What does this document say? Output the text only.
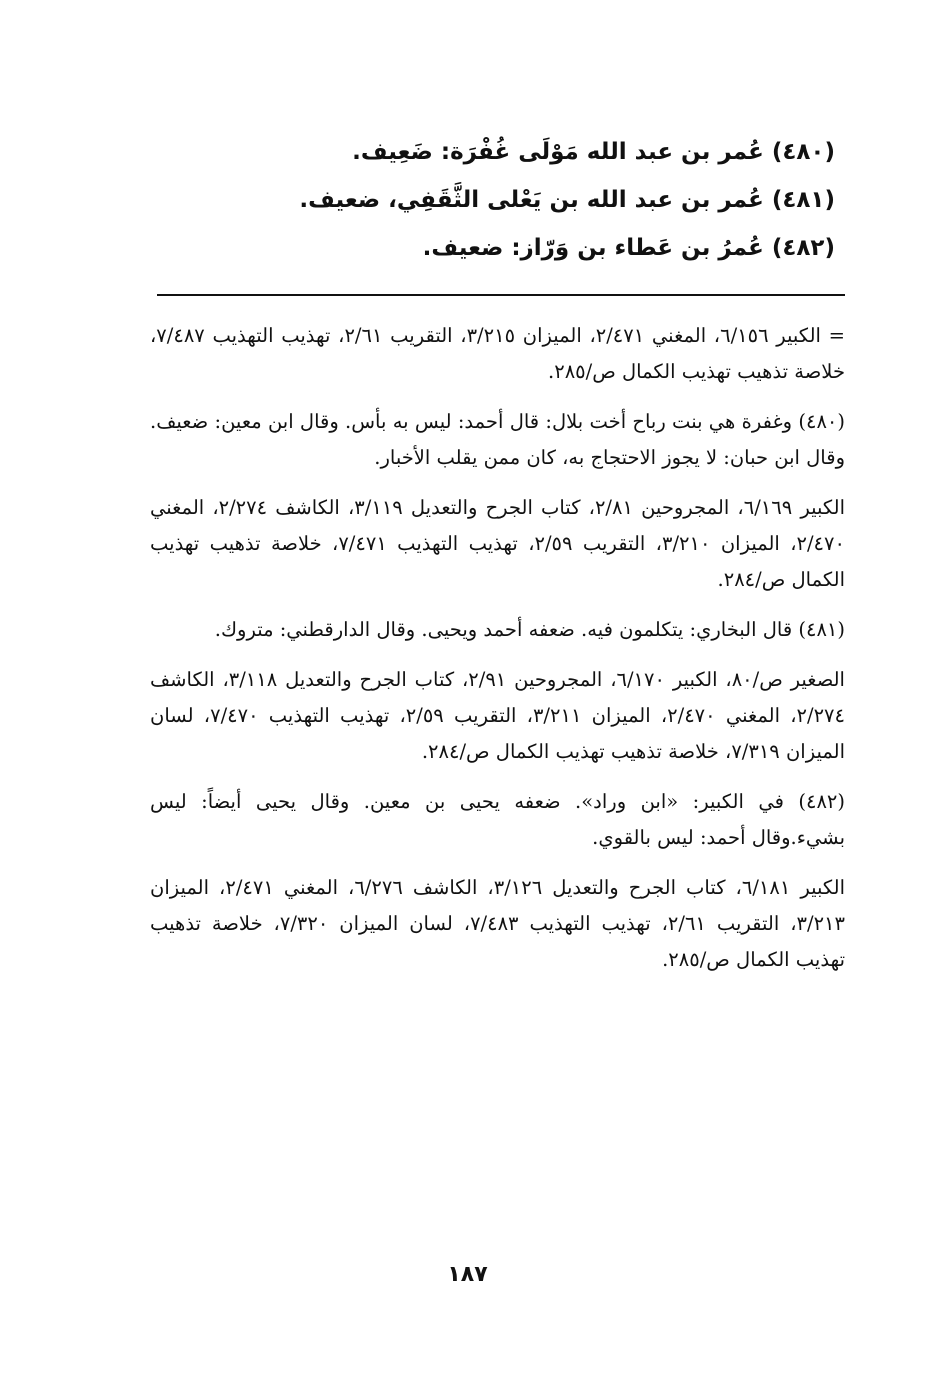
(٤٨٠) عُمر بن عبد الله مَوْلَى غُفْرَة: ضَعِيف.
(٤٨١) عُمر بن عبد الله بن يَعْلى الثَّقَفِي، ضعيف.
(٤٨٢) عُمرُ بن عَطاء بن وَرّاز: ضعيف.

= الكبير ٦/١٥٦، المغني ٢/٤٧١، الميزان ٣/٢١٥، التقريب ٢/٦١، تهذيب التهذيب ٧/٤٨٧، خلاصة تذهيب تهذيب الكمال ص/٢٨٥.

(٤٨٠) وغفرة هي بنت رباح أخت بلال: قال أحمد: ليس به بأس. وقال ابن معين: ضعيف. وقال ابن حبان: لا يجوز الاحتجاج به، كان ممن يقلب الأخبار.

الكبير ٦/١٦٩، المجروحين ٢/٨١، كتاب الجرح والتعديل ٣/١١٩، الكاشف ٢/٢٧٤، المغني ٢/٤٧٠، الميزان ٣/٢١٠، التقريب ٢/٥٩، تهذيب التهذيب ٧/٤٧١، خلاصة تذهيب تهذيب الكمال ص/٢٨٤.

(٤٨١) قال البخاري: يتكلمون فيه. ضعفه أحمد ويحيى. وقال الدارقطني: متروك.

الصغير ص/٨٠، الكبير ٦/١٧٠، المجروحين ٢/٩١، كتاب الجرح والتعديل ٣/١١٨، الكاشف ٢/٢٧٤، المغني ٢/٤٧٠، الميزان ٣/٢١١، التقريب ٢/٥٩، تهذيب التهذيب ٧/٤٧٠، لسان الميزان ٧/٣١٩، خلاصة تذهيب تهذيب الكمال ص/٢٨٤.

(٤٨٢) في الكبير: «ابن وراد». ضعفه يحيى بن معين. وقال يحيى أيضاً: ليس بشيء.وقال أحمد: ليس بالقوي.

الكبير ٦/١٨١، كتاب الجرح والتعديل ٣/١٢٦، الكاشف ٦/٢٧٦، المغني ٢/٤٧١، الميزان ٣/٢١٣، التقريب ٢/٦١، تهذيب التهذيب ٧/٤٨٣، لسان الميزان ٧/٣٢٠، خلاصة تذهيب تهذيب الكمال ص/٢٨٥.

١٨٧
